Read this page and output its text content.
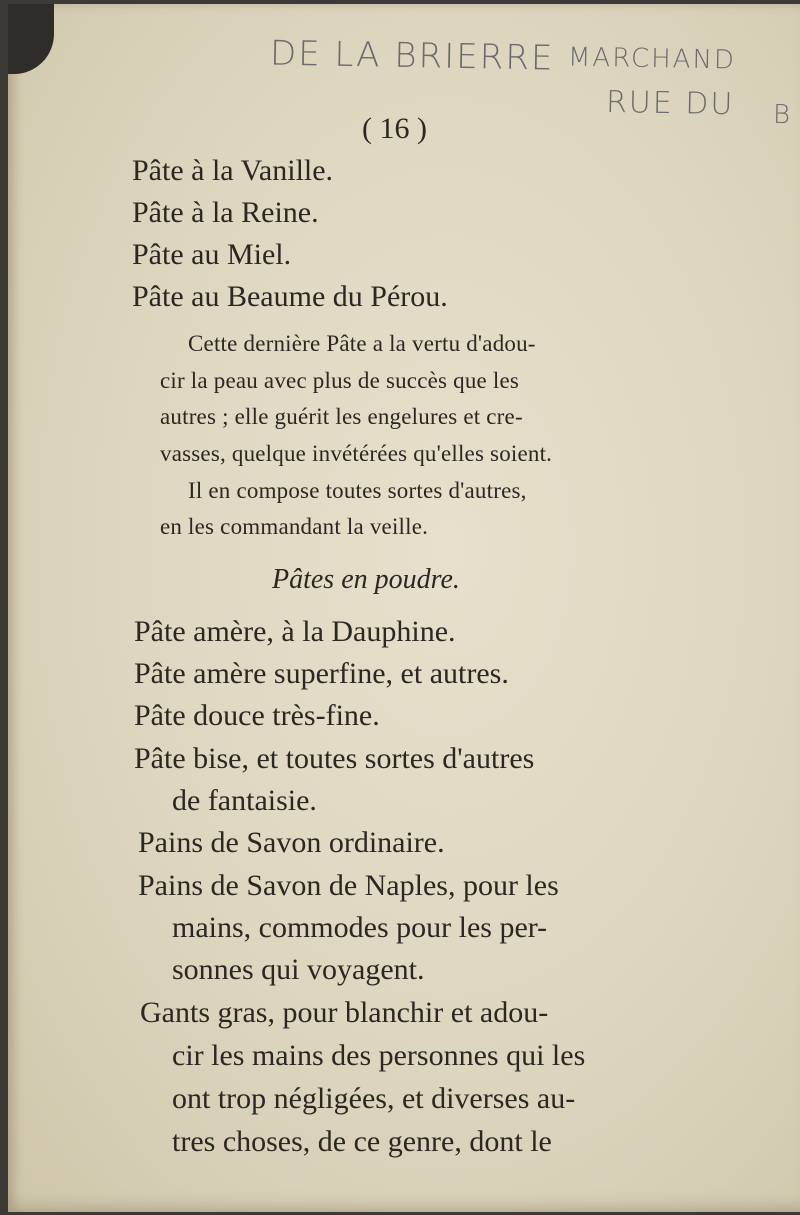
DE LA BRIERRE MARCHAND
RUE DU B
( 16 )
Pâte à la Vanille.
Pâte à la Reine.
Pâte au Miel.
Pâte au Beaume du Pérou.
Cette dernière Pâte a la vertu d'adou-
cir la peau avec plus de succès que les
autres ; elle guérit les engelures et cre-
vasses, quelque invétérées qu'elles soient.
Il en compose toutes sortes d'autres,
en les commandant la veille.
Pâtes en poudre.
Pâte amère, à la Dauphine.
Pâte amère superfine, et autres.
Pâte douce très-fine.
Pâte bise, et toutes sortes d'autres
de fantaisie.
Pains de Savon ordinaire.
Pains de Savon de Naples, pour les
mains, commodes pour les per-
sonnes qui voyagent.
Gants gras, pour blanchir et adou-
cir les mains des personnes qui les
ont trop négligées, et diverses au-
tres choses, de ce genre, dont le
